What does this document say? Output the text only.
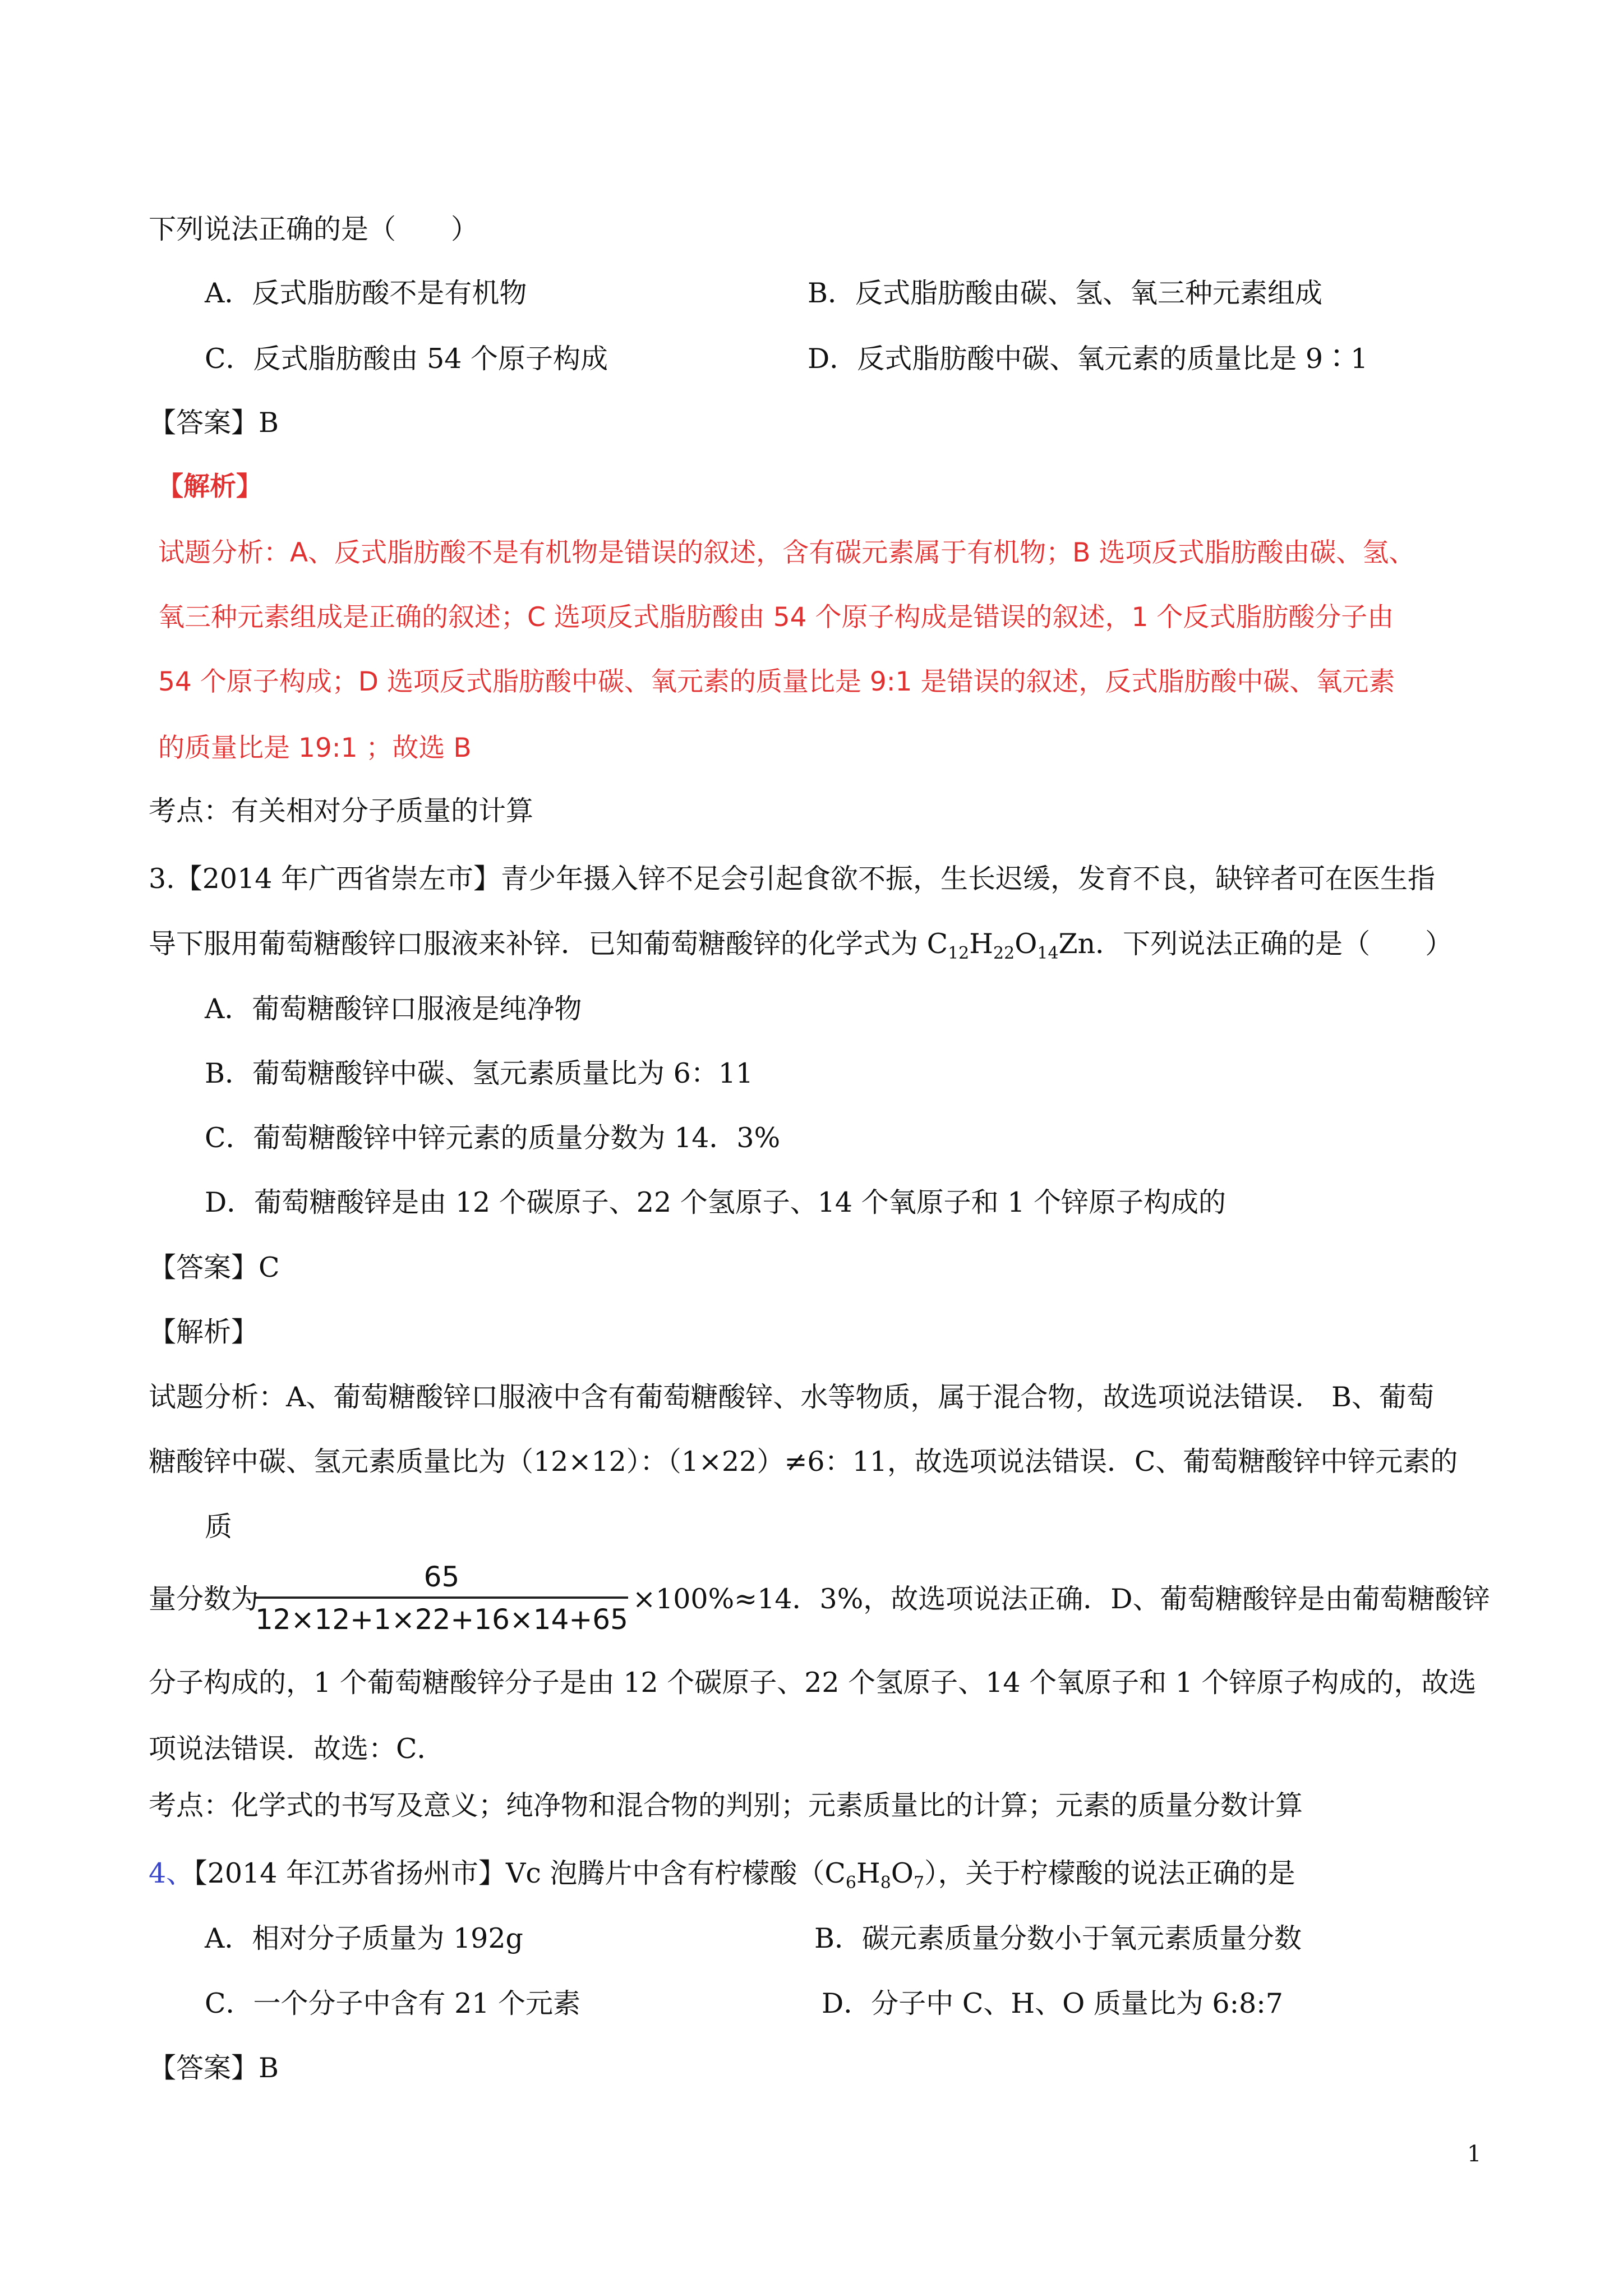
下列说法正确的是（　　）
A．反式脂肪酸不是有机物	B．反式脂肪酸由碳、氢、氧三种元素组成
C．反式脂肪酸由 54 个原子构成	D．反式脂肪酸中碳、氧元素的质量比是 9∶1
【答案】B
【解析】
试题分析：A、反式脂肪酸不是有机物是错误的叙述，含有碳元素属于有机物；B 选项反式脂肪酸由碳、氢、
氧三种元素组成是正确的叙述；C 选项反式脂肪酸由 54 个原子构成是错误的叙述，1 个反式脂肪酸分子由
54 个原子构成；D 选项反式脂肪酸中碳、氧元素的质量比是 9:1 是错误的叙述，反式脂肪酸中碳、氧元素
的质量比是 19:1 ；故选 B
考点：有关相对分子质量的计算
3.【2014 年广西省崇左市】青少年摄入锌不足会引起食欲不振，生长迟缓，发育不良，缺锌者可在医生指
导下服用葡萄糖酸锌口服液来补锌．已知葡萄糖酸锌的化学式为 $C_{12}H_{22}O_{14}Zn$．下列说法正确的是（　　）
A．葡萄糖酸锌口服液是纯净物
B．葡萄糖酸锌中碳、氢元素质量比为 6：11
C．葡萄糖酸锌中锌元素的质量分数为 14．3%
D．葡萄糖酸锌是由 12 个碳原子、22 个氢原子、14 个氧原子和 1 个锌原子构成的
【答案】C
【解析】
试题分析：A、葡萄糖酸锌口服液中含有葡萄糖酸锌、水等物质，属于混合物，故选项说法错误． B、葡萄
糖酸锌中碳、氢元素质量比为（12×12）：（1×22）≠6：11，故选项说法错误．C、葡萄糖酸锌中锌元素的
质
量分数为
65
12×12+1×22+16×14+65
×100%≈14．3%，故选项说法正确．D、葡萄糖酸锌是由葡萄糖酸锌
分子构成的，1 个葡萄糖酸锌分子是由 12 个碳原子、22 个氢原子、14 个氧原子和 1 个锌原子构成的，故选
项说法错误．故选：C．
考点：化学式的书写及意义；纯净物和混合物的判别；元素质量比的计算；元素的质量分数计算
4、【2014 年江苏省扬州市】Vc 泡腾片中含有柠檬酸$(C_6H_8O_7)$，关于柠檬酸的说法正确的是
A．相对分子质量为 192g	B．碳元素质量分数小于氧元素质量分数
C．一个分子中含有 21 个元素	D．分子中 C、H、O 质量比为 6:8:7
【答案】B
1
